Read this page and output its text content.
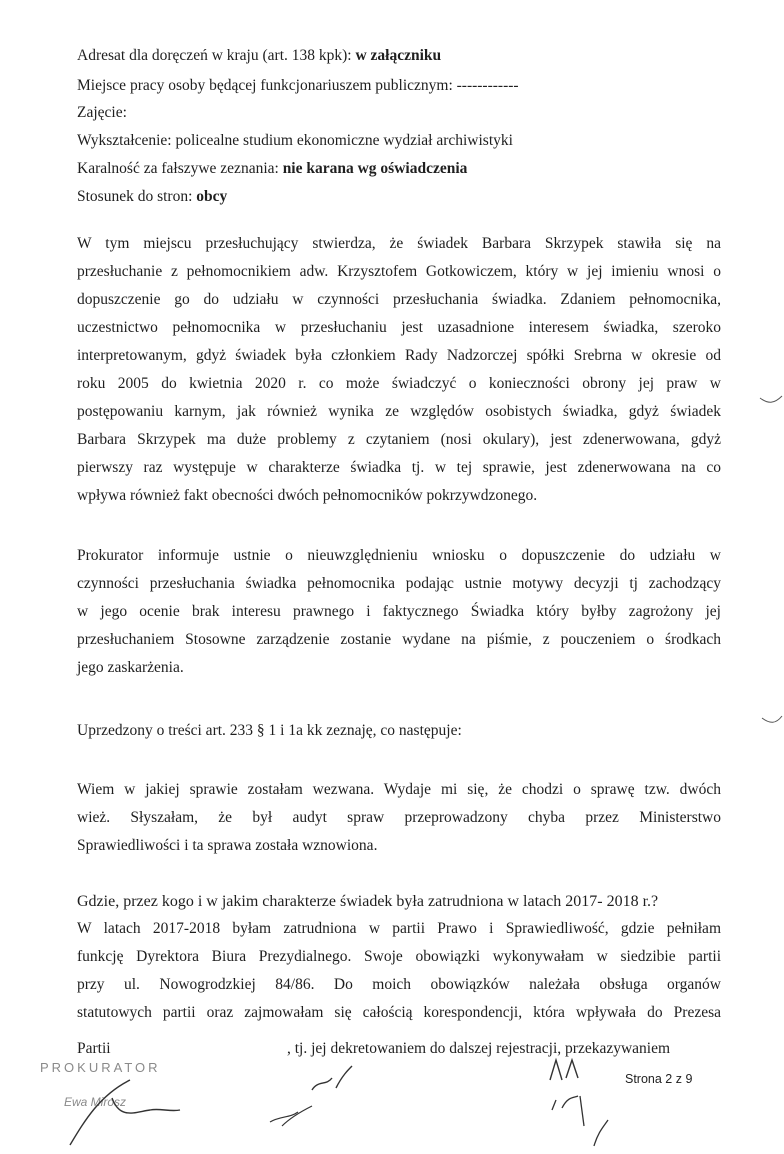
Adresat dla doręczeń w kraju (art. 138 kpk): w załączniku
Miejsce pracy osoby będącej funkcjonariuszem publicznym: ------------
Zajęcie:
Wykształcenie: policealne studium ekonomiczne wydział archiwistyki
Karalność za fałszywe zeznania: nie karana wg oświadczenia
Stosunek do stron: obcy
W tym miejscu przesłuchujący stwierdza, że świadek Barbara Skrzypek stawiła się na
przesłuchanie z pełnomocnikiem adw. Krzysztofem Gotkowiczem, który w jej imieniu wnosi o
dopuszczenie go do udziału w czynności przesłuchania świadka. Zdaniem pełnomocnika,
uczestnictwo pełnomocnika w przesłuchaniu jest uzasadnione interesem świadka, szeroko
interpretowanym, gdyż świadek była członkiem Rady Nadzorczej spółki Srebrna w okresie od
roku 2005 do kwietnia 2020 r. co może świadczyć o konieczności obrony jej praw w
postępowaniu karnym, jak również wynika ze względów osobistych świadka, gdyż świadek
Barbara Skrzypek ma duże problemy z czytaniem (nosi okulary), jest zdenerwowana, gdyż
pierwszy raz występuje w charakterze świadka tj. w tej sprawie, jest zdenerwowana na co
wpływa również fakt obecności dwóch pełnomocników pokrzywdzonego.
Prokurator informuje ustnie o nieuwzględnieniu wniosku o dopuszczenie do udziału w
czynności przesłuchania świadka pełnomocnika podając ustnie motywy decyzji tj zachodzący
w jego ocenie brak interesu prawnego i faktycznego Świadka który byłby zagrożony jej
przesłuchaniem Stosowne zarządzenie zostanie wydane na piśmie, z pouczeniem o środkach
jego zaskarżenia.
Uprzedzony o treści art. 233 § 1 i 1a kk zeznaję, co następuje:
Wiem w jakiej sprawie zostałam wezwana. Wydaje mi się, że chodzi o sprawę tzw. dwóch
wież. Słyszałam, że był audyt spraw przeprowadzony chyba przez Ministerstwo
Sprawiedliwości i ta sprawa została wznowiona.
Gdzie, przez kogo i w jakim charakterze świadek była zatrudniona w latach 2017- 2018 r.?
W latach 2017-2018 byłam zatrudniona w partii Prawo i Sprawiedliwość, gdzie pełniłam
funkcję Dyrektora Biura Prezydialnego. Swoje obowiązki wykonywałam w siedzibie partii
przy ul. Nowogrodzkiej 84/86. Do moich obowiązków należała obsługa organów
statutowych partii oraz zajmowałam się całością korespondencji, która wpływała do Prezesa
Partii	, tj. jej dekretowaniem do dalszej rejestracji, przekazywaniem
PROKURATOR
Ewa Mirosz
Strona 2 z 9
